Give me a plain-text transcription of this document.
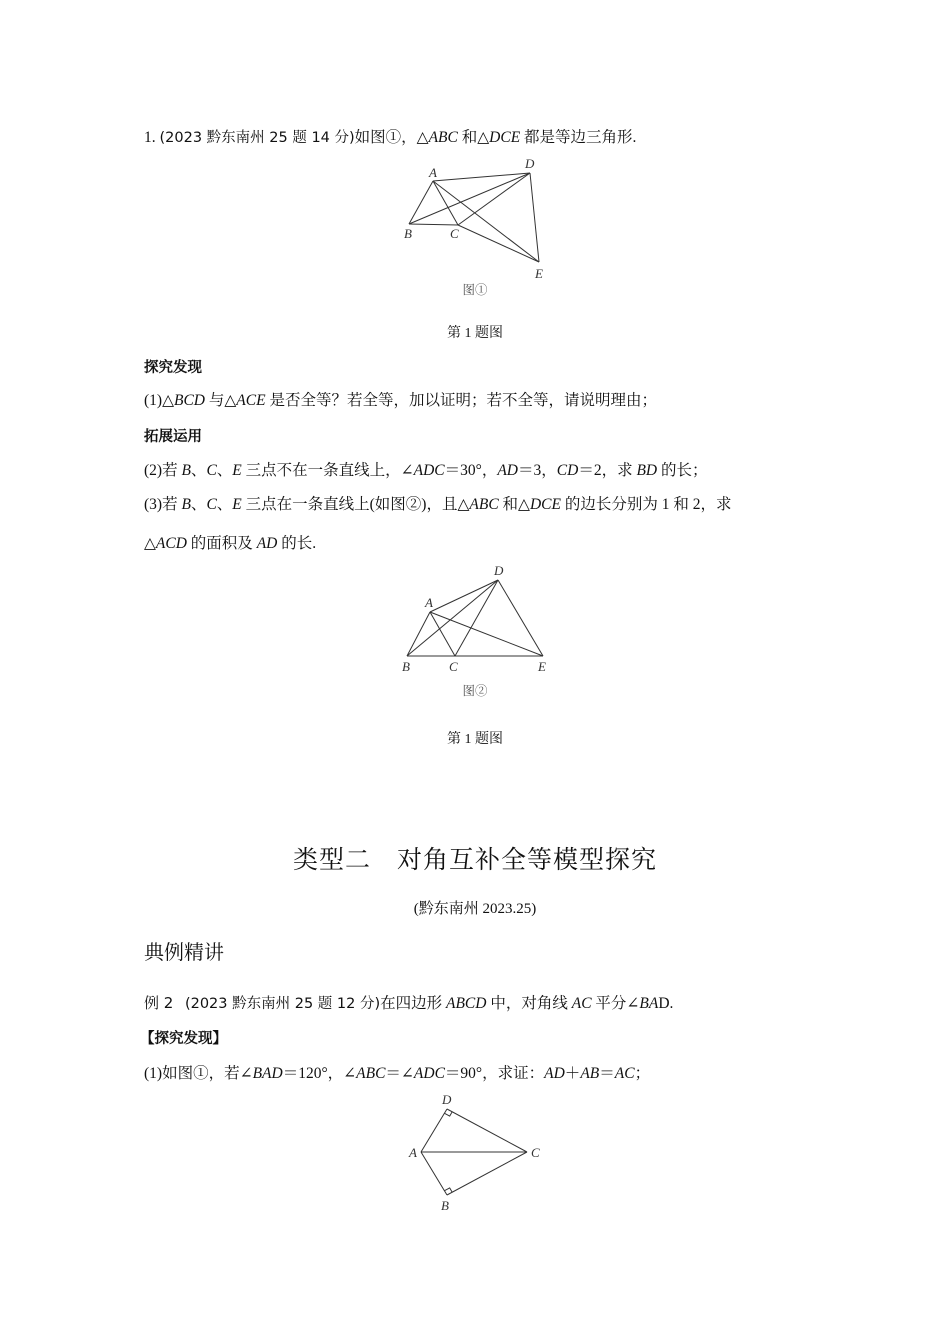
1. (2023 黔东南州 25 题 14 分)如图①，△ABC 和△DCE 都是等边三角形.
A
D
B	C
E
图①
第 1 题图
探究发现
(1)△BCD 与△ACE 是否全等？若全等，加以证明；若不全等，请说明理由；
拓展运用
(2)若 B、C、E 三点不在一条直线上，∠ADC＝30°，AD＝3，CD＝2，求 BD 的长；
(3)若 B、C、E 三点在一条直线上(如图②)，且△ABC 和△DCE 的边长分别为 1 和 2，求
△ACD 的面积及 AD 的长.
A
D
B	C	E
图②
第 1 题图
类型二　对角互补全等模型探究
(黔东南州 2023.25)
典例精讲
例 2 (2023 黔东南州 25 题 12 分)在四边形 ABCD 中，对角线 AC 平分∠BAD.
【探究发现】
(1)如图①，若∠BAD＝120°，∠ABC＝∠ADC＝90°，求证：AD＋AB＝AC；
D
A	C
B
